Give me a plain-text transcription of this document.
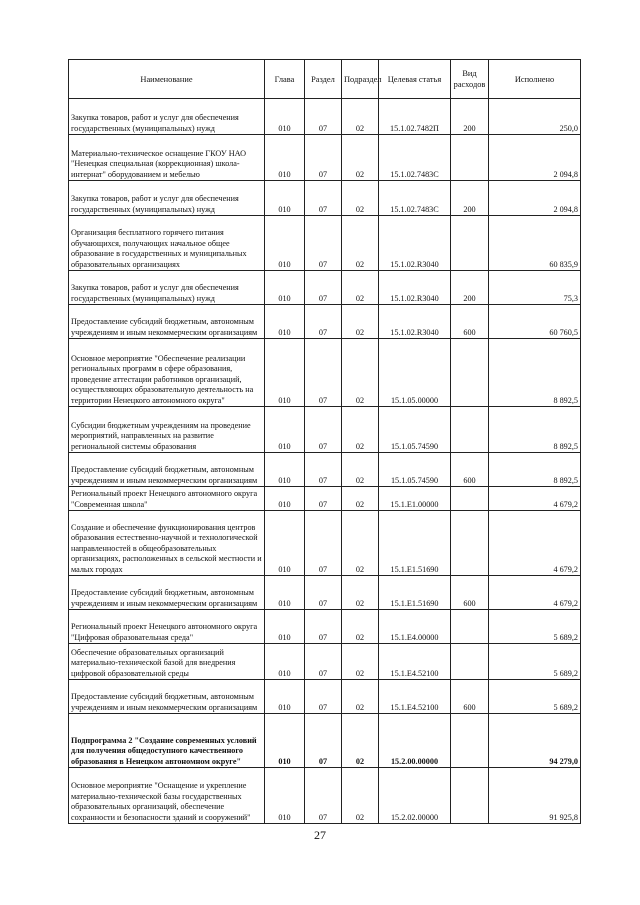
Наименование	Глава	Раздел	Подраздел	Целевая статья	Вид расходов	Исполнено
Закупка товаров, работ и услуг для обеспечения государственных (муниципальных) нужд	010	07	02	15.1.02.7482П	200	250,0
Материально-техническое оснащение ГКОУ НАО "Ненецкая специальная (коррекционная) школа-интернат" оборудованием и мебелью	010	07	02	15.1.02.7483С		2 094,8
Закупка товаров, работ и услуг для обеспечения государственных (муниципальных) нужд	010	07	02	15.1.02.7483С	200	2 094,8
Организация бесплатного горячего питания обучающихся, получающих начальное общее образование в государственных и муниципальных образовательных организациях	010	07	02	15.1.02.R3040		60 835,9
Закупка товаров, работ и услуг для обеспечения государственных (муниципальных) нужд	010	07	02	15.1.02.R3040	200	75,3
Предоставление субсидий бюджетным, автономным учреждениям и иным некоммерческим организациям	010	07	02	15.1.02.R3040	600	60 760,5
Основное мероприятие "Обеспечение реализации региональных программ в сфере образования, проведение аттестации работников организаций, осуществляющих образовательную деятельность на территории Ненецкого автономного округа"	010	07	02	15.1.05.00000		8 892,5
Субсидии бюджетным учреждениям на проведение мероприятий, направленных на развитие региональной системы образования	010	07	02	15.1.05.74590		8 892,5
Предоставление субсидий бюджетным, автономным учреждениям и иным некоммерческим организациям	010	07	02	15.1.05.74590	600	8 892,5
Региональный проект Ненецкого автономного округа "Современная школа"	010	07	02	15.1.E1.00000		4 679,2
Создание и обеспечение функционирования центров образования естественно-научной и технологической направленностей в общеобразовательных организациях, расположенных в сельской местности и малых городах	010	07	02	15.1.E1.51690		4 679,2
Предоставление субсидий бюджетным, автономным учреждениям и иным некоммерческим организациям	010	07	02	15.1.E1.51690	600	4 679,2
Региональный проект Ненецкого автономного округа "Цифровая образовательная среда"	010	07	02	15.1.E4.00000		5 689,2
Обеспечение образовательных организаций материально-технической базой для внедрения цифровой образовательной среды	010	07	02	15.1.E4.52100		5 689,2
Предоставление субсидий бюджетным, автономным учреждениям и иным некоммерческим организациям	010	07	02	15.1.E4.52100	600	5 689,2
Подпрограмма 2 "Создание современных условий для получения общедоступного качественного образования в Ненецком автономном округе"	010	07	02	15.2.00.00000		94 279,0
Основное мероприятие "Оснащение и укрепление материально-технической базы государственных образовательных организаций, обеспечение сохранности и безопасности зданий и сооружений"	010	07	02	15.2.02.00000		91 925,8
27
